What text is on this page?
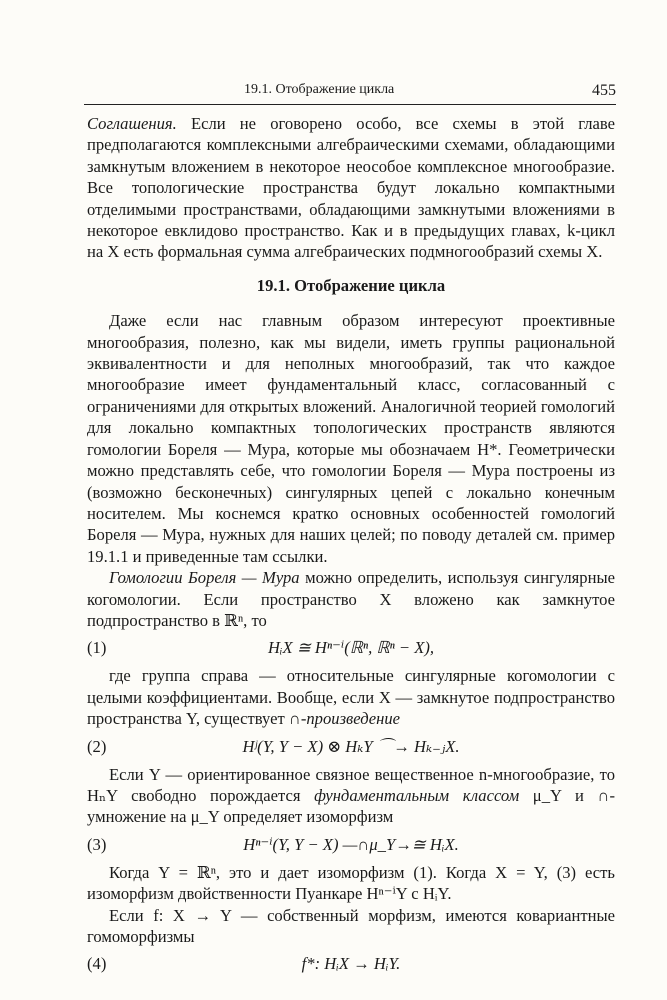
19.1. Отображение цикла	455

Соглашения. Если не оговорено особо, все схемы в этой главе предполагаются комплексными алгебраическими схемами, обладающими замкнутым вложением в некоторое неособое комплексное многообразие. Все топологические пространства будут локально компактными отделимыми пространствами, обладающими замкнутыми вложениями в некоторое евклидово пространство. Как и в предыдущих главах, k-цикл на X есть формальная сумма алгебраических подмногообразий схемы X.

19.1. Отображение цикла

Даже если нас главным образом интересуют проективные многообразия, полезно, как мы видели, иметь группы рациональной эквивалентности и для неполных многообразий, так что каждое многообразие имеет фундаментальный класс, согласованный с ограничениями для открытых вложений. Аналогичной теорией гомологий для локально компактных топологических пространств являются гомологии Бореля — Мура, которые мы обозначаем H*. Геометрически можно представлять себе, что гомологии Бореля — Мура построены из (возможно бесконечных) сингулярных цепей с локально конечным носителем. Мы коснемся кратко основных особенностей гомологий Бореля — Мура, нужных для наших целей; по поводу деталей см. пример 19.1.1 и приведенные там ссылки.

Гомологии Бореля — Мура можно определить, используя сингулярные когомологии. Если пространство X вложено как замкнутое подпространство в ℝⁿ, то

(1)	HᵢX ≅ Hⁿ⁻ⁱ(ℝⁿ, ℝⁿ − X),

где группа справа — относительные сингулярные когомологии с целыми коэффициентами. Вообще, если X — замкнутое подпространство пространства Y, существует ∩-произведение

(2)	Hʲ(Y, Y − X) ⊗ HₖY ⌒→ Hₖ₋ⱼX.

Если Y — ориентированное связное вещественное n-многообразие, то HₙY свободно порождается фундаментальным классом μ_Y и ∩-умножение на μ_Y определяет изоморфизм

(3)	Hⁿ⁻ⁱ(Y, Y − X) —∩μ_Y→≅ HᵢX.

Когда Y = ℝⁿ, это и дает изоморфизм (1). Когда X = Y, (3) есть изоморфизм двойственности Пуанкаре Hⁿ⁻ⁱY с HᵢY.

Если f: X → Y — собственный морфизм, имеются ковариантные гомоморфизмы

(4)	f*: HᵢX → HᵢY.
